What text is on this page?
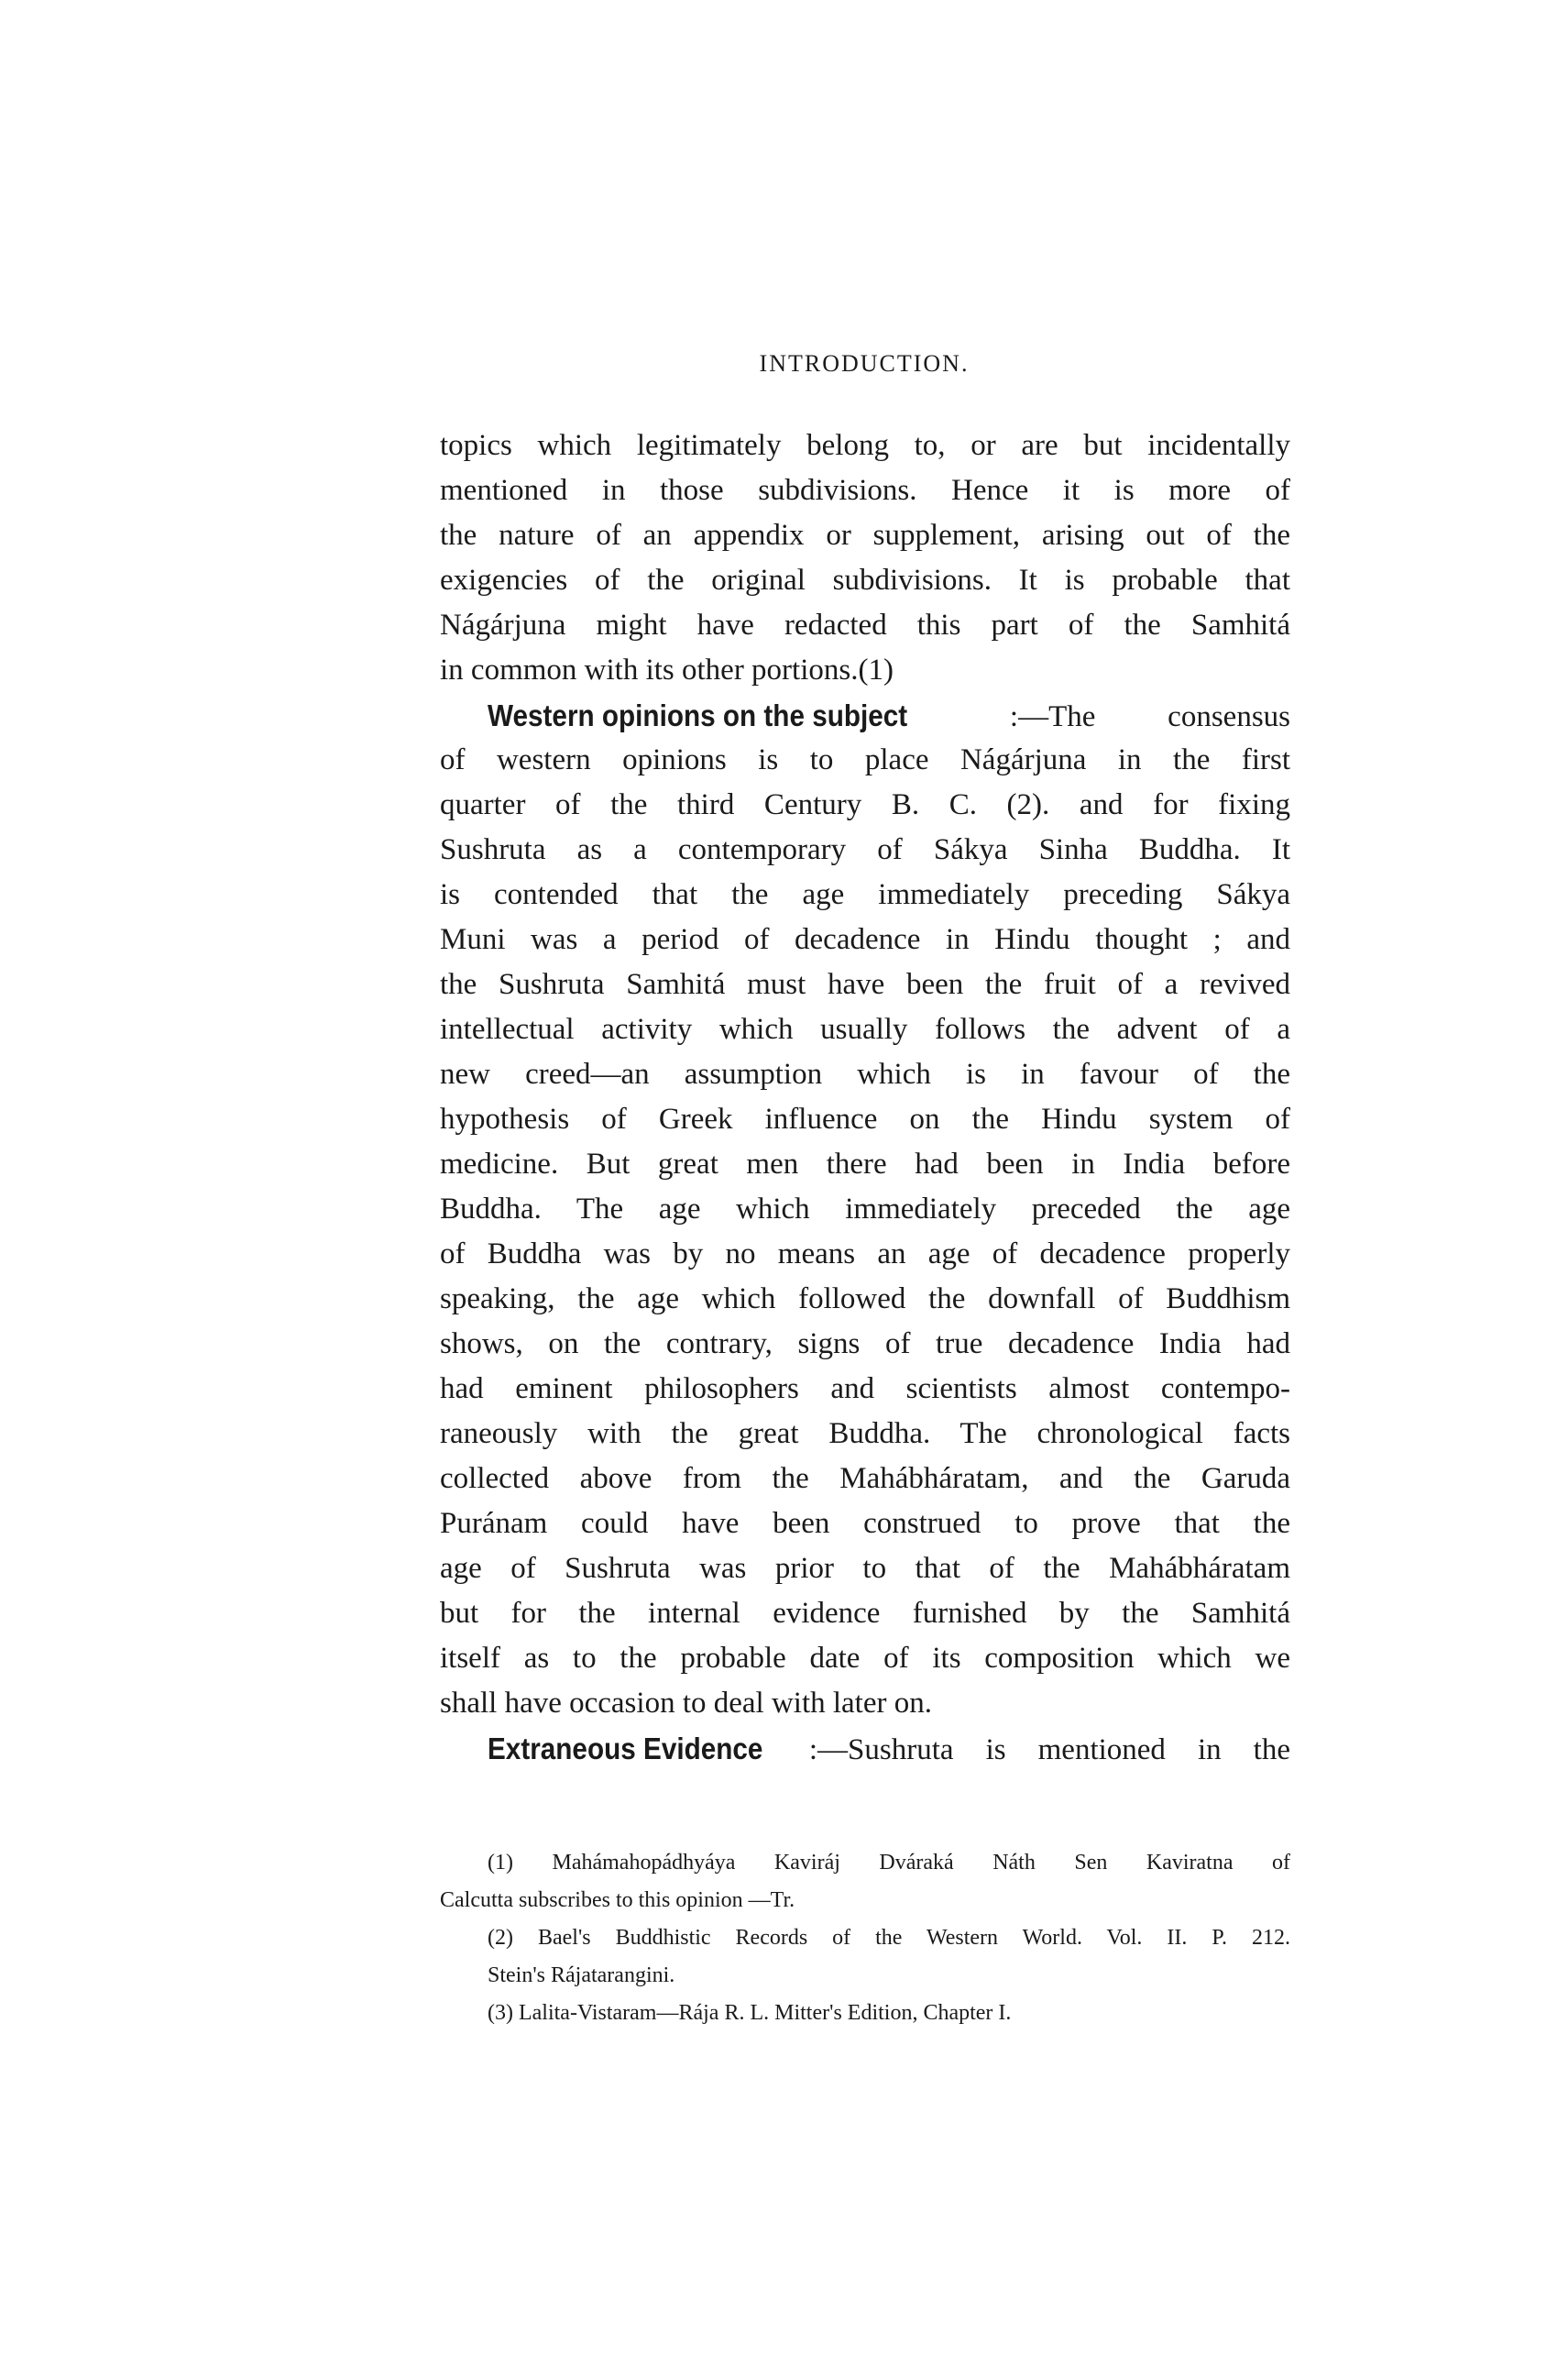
INTRODUCTION.
topics which legitimately belong to, or are but incidentally
mentioned in those subdivisions. Hence it is more of
the nature of an appendix or supplement, arising out of the
exigencies of the original subdivisions. It is probable that
Nágárjuna might have redacted this part of the Samhitá
in common with its other portions.(1)
Western opinions on the subject :—The consensus
of western opinions is to place Nágárjuna in the first
quarter of the third Century B. C. (2). and for fixing
Sushruta as a contemporary of Sákya Sinha Buddha. It
is contended that the age immediately preceding Sákya
Muni was a period of decadence in Hindu thought ; and
the Sushruta Samhitá must have been the fruit of a revived
intellectual activity which usually follows the advent of a
new creed—an assumption which is in favour of the
hypothesis of Greek influence on the Hindu system of
medicine. But great men there had been in India before
Buddha. The age which immediately preceded the age
of Buddha was by no means an age of decadence properly
speaking, the age which followed the downfall of Buddhism
shows, on the contrary, signs of true decadence India had
had eminent philosophers and scientists almost contempo-
raneously with the great Buddha. The chronological facts
collected above from the Mahábháratam, and the Garuda
Puránam could have been construed to prove that the
age of Sushruta was prior to that of the Mahábháratam
but for the internal evidence furnished by the Samhitá
itself as to the probable date of its composition which we
shall have occasion to deal with later on.
Extraneous Evidence :—Sushruta is mentioned in the
(1) Mahámahopádhyáya Kaviráj Dváraká Náth Sen Kaviratna of
Calcutta subscribes to this opinion —Tr.
(2) Bael's Buddhistic Records of the Western World. Vol. II. P. 212.
Stein's Rájatarangini.
(3) Lalita-Vistaram—Rája R. L. Mitter's Edition, Chapter I.
